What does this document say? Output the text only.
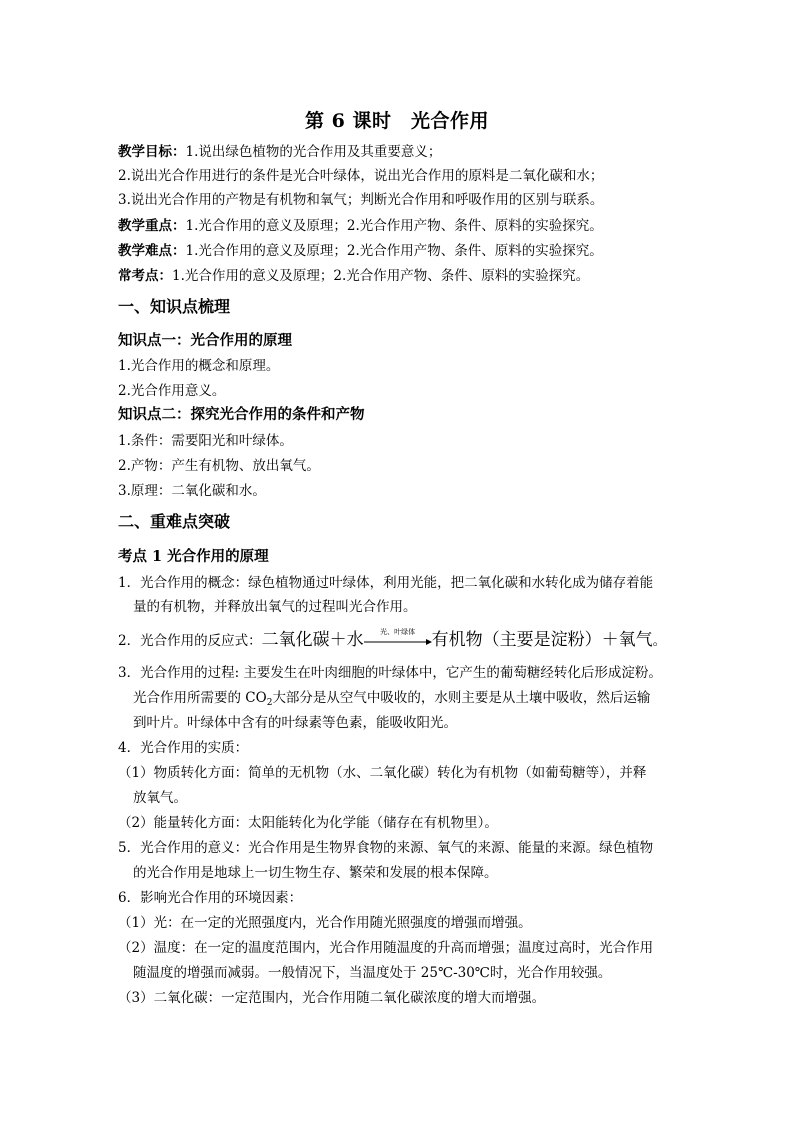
第 6 课时　光合作用
教学目标：1.说出绿色植物的光合作用及其重要意义；
2.说出光合作用进行的条件是光合叶绿体，说出光合作用的原料是二氧化碳和水；
3.说出光合作用的产物是有机物和氧气；判断光合作用和呼吸作用的区别与联系。
教学重点：1.光合作用的意义及原理；2.光合作用产物、条件、原料的实验探究。
教学难点：1.光合作用的意义及原理；2.光合作用产物、条件、原料的实验探究。
常考点：1.光合作用的意义及原理；2.光合作用产物、条件、原料的实验探究。
一、知识点梳理
知识点一：光合作用的原理
1.光合作用的概念和原理。
2.光合作用意义。
知识点二：探究光合作用的条件和产物
1.条件：需要阳光和叶绿体。
2.产物：产生有机物、放出氧气。
3.原理：二氧化碳和水。
二、重难点突破
考点 1 光合作用的原理
1．光合作用的概念：绿色植物通过叶绿体，利用光能，把二氧化碳和水转化成为储存着能
量的有机物，并释放出氧气的过程叫光合作用。
2．光合作用的反应式：二氧化碳＋水	光、叶绿体 有机物（主要是淀粉）＋氧气。
3．光合作用的过程: 主要发生在叶肉细胞的叶绿体中，它产生的葡萄糖经转化后形成淀粉。
光合作用所需要的 $CO_2$大部分是从空气中吸收的，水则主要是从土壤中吸收，然后运输
到叶片。叶绿体中含有的叶绿素等色素，能吸收阳光。
4．光合作用的实质：
（1）物质转化方面：简单的无机物（水、二氧化碳）转化为有机物（如葡萄糖等），并释
放氧气。
（2）能量转化方面：太阳能转化为化学能（储存在有机物里）。
5．光合作用的意义：光合作用是生物界食物的来源、氧气的来源、能量的来源。绿色植物
的光合作用是地球上一切生物生存、繁荣和发展的根本保障。
6．影响光合作用的环境因素：
（1）光：在一定的光照强度内，光合作用随光照强度的增强而增强。
（2）温度：在一定的温度范围内，光合作用随温度的升高而增强；温度过高时，光合作用
随温度的增强而减弱。一般情况下，当温度处于 25℃-30℃时，光合作用较强。
（3）二氧化碳：一定范围内，光合作用随二氧化碳浓度的增大而增强。
